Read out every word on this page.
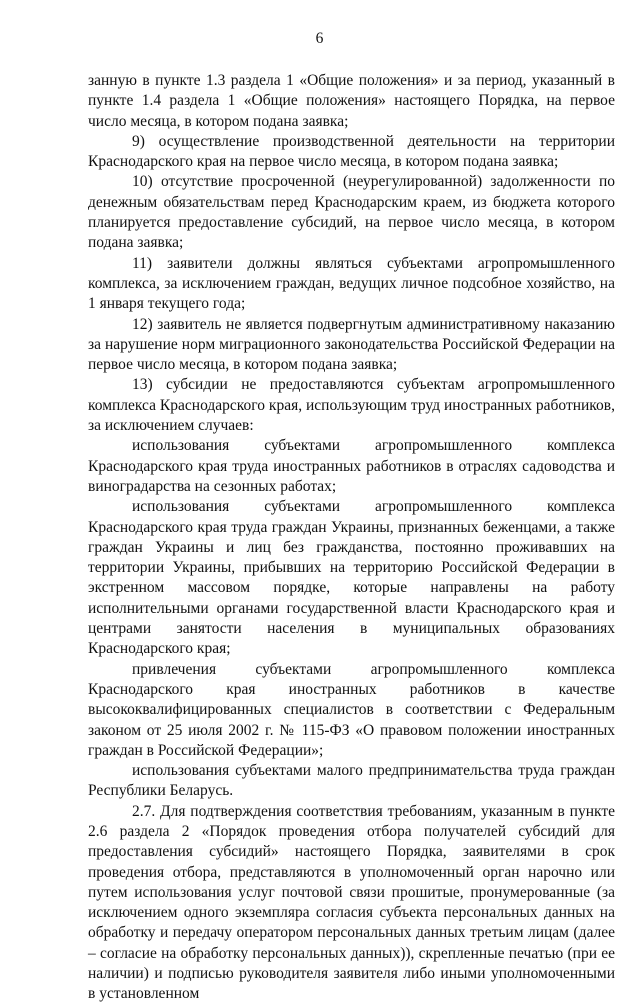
6

занную в пункте 1.3 раздела 1 «Общие положения» и за период, указанный в пункте 1.4 раздела 1 «Общие положения» настоящего Порядка, на первое число месяца, в котором подана заявка;

9) осуществление производственной деятельности на территории Краснодарского края на первое число месяца, в котором подана заявка;

10) отсутствие просроченной (неурегулированной) задолженности по денежным обязательствам перед Краснодарским краем, из бюджета которого планируется предоставление субсидий, на первое число месяца, в котором подана заявка;

11) заявители должны являться субъектами агропромышленного комплекса, за исключением граждан, ведущих личное подсобное хозяйство, на 1 января текущего года;

12) заявитель не является подвергнутым административному наказанию за нарушение норм миграционного законодательства Российской Федерации на первое число месяца, в котором подана заявка;

13) субсидии не предоставляются субъектам агропромышленного комплекса Краснодарского края, использующим труд иностранных работников, за исключением случаев:

использования субъектами агропромышленного комплекса Краснодарского края труда иностранных работников в отраслях садоводства и виноградарства на сезонных работах;

использования субъектами агропромышленного комплекса Краснодарского края труда граждан Украины, признанных беженцами, а также граждан Украины и лиц без гражданства, постоянно проживавших на территории Украины, прибывших на территорию Российской Федерации в экстренном массовом порядке, которые направлены на работу исполнительными органами государственной власти Краснодарского края и центрами занятости населения в муниципальных образованиях Краснодарского края;

привлечения субъектами агропромышленного комплекса Краснодарского края иностранных работников в качестве высококвалифицированных специалистов в соответствии с Федеральным законом от 25 июля 2002 г. № 115-ФЗ «О правовом положении иностранных граждан в Российской Федерации»;

использования субъектами малого предпринимательства труда граждан Республики Беларусь.

2.7. Для подтверждения соответствия требованиям, указанным в пункте 2.6 раздела 2 «Порядок проведения отбора получателей субсидий для предоставления субсидий» настоящего Порядка, заявителями в срок проведения отбора, представляются в уполномоченный орган нарочно или путем использования услуг почтовой связи прошитые, пронумерованные (за исключением одного экземпляра согласия субъекта персональных данных на обработку и передачу оператором персональных данных третьим лицам (далее – согласие на обработку персональных данных)), скрепленные печатью (при ее наличии) и подписью руководителя заявителя либо иными уполномоченными в установленном
